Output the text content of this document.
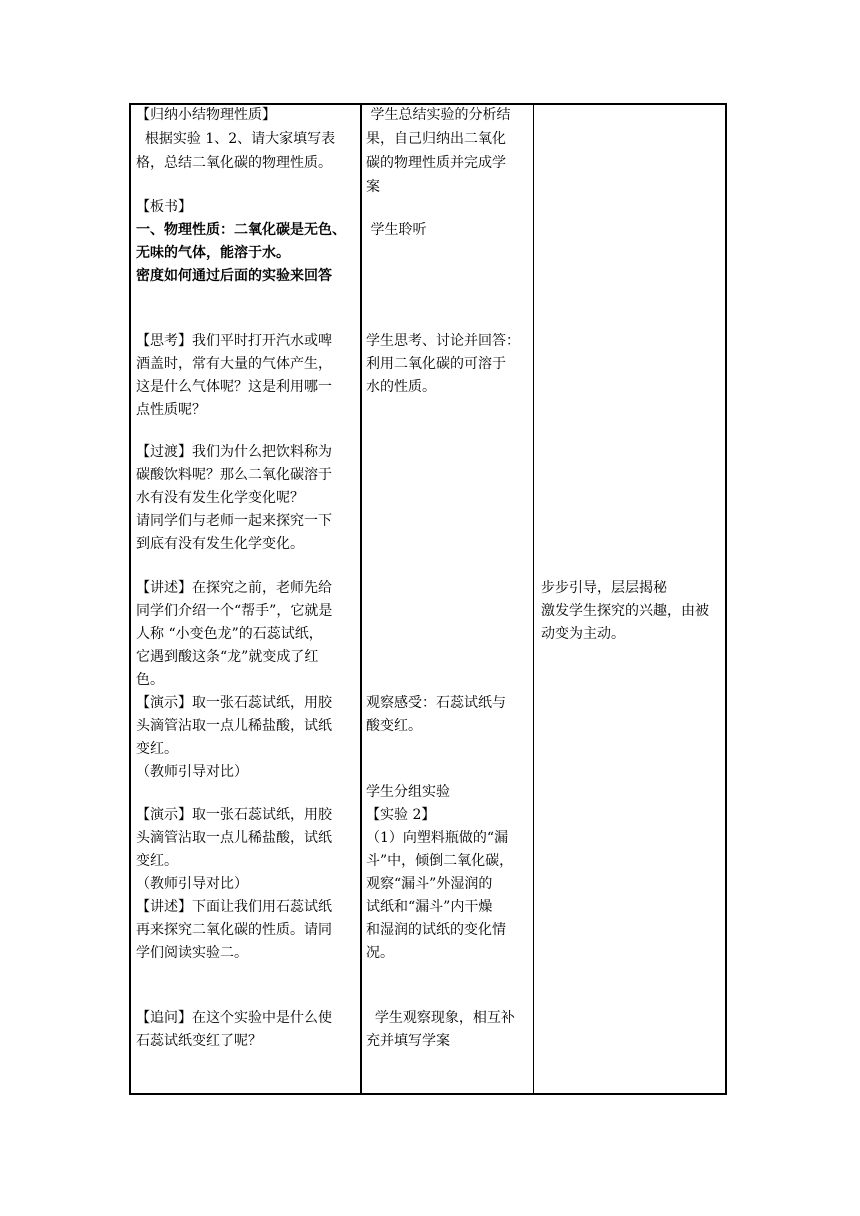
【归纳小结物理性质】
根据实验 1、2、请大家填写表
格，总结二氧化碳的物理性质。
【板书】
一、物理性质：二氧化碳是无色、
无味的气体，能溶于水。
密度如何通过后面的实验来回答
【思考】我们平时打开汽水或啤
酒盖时，常有大量的气体产生，
这是什么气体呢？这是利用哪一
点性质呢？
【过渡】我们为什么把饮料称为
碳酸饮料呢？那么二氧化碳溶于
水有没有发生化学变化呢？
请同学们与老师一起来探究一下
到底有没有发生化学变化。
【讲述】在探究之前，老师先给
同学们介绍一个“帮手”，它就是
人称 “小变色龙”的石蕊试纸，
它遇到酸这条“龙”就变成了红
色。
【演示】取一张石蕊试纸，用胶
头滴管沾取一点儿稀盐酸，试纸
变红。
（教师引导对比）
【演示】取一张石蕊试纸，用胶
头滴管沾取一点儿稀盐酸，试纸
变红。
（教师引导对比）
【讲述】下面让我们用石蕊试纸
再来探究二氧化碳的性质。请同
学们阅读实验二。
【追问】在这个实验中是什么使
石蕊试纸变红了呢？
学生总结实验的分析结
果，自己归纳出二氧化
碳的物理性质并完成学
案
学生聆听
学生思考、讨论并回答：
利用二氧化碳的可溶于
水的性质。
观察感受：石蕊试纸与
酸变红。
学生分组实验
【实验 2】
（1）向塑料瓶做的“漏
斗”中，倾倒二氧化碳，
观察“漏斗”外湿润的
试纸和“漏斗”内干燥
和湿润的试纸的变化情
况。
学生观察现象，相互补
充并填写学案
步步引导，层层揭秘
激发学生探究的兴趣，由被
动变为主动。
